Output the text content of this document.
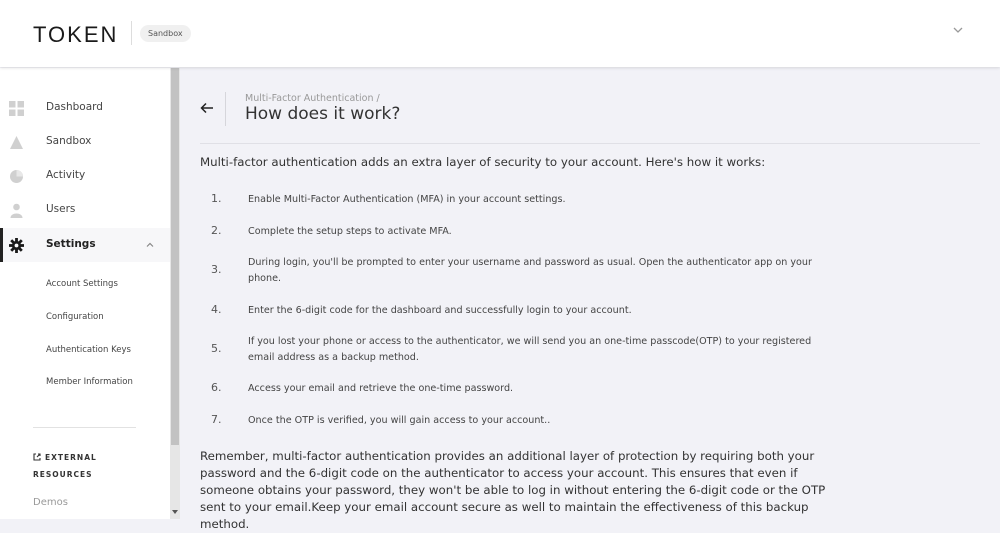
TOKEN	Sandbox
Dashboard
Sandbox
Activity
Users
Settings
Account Settings
Configuration
Authentication Keys
Member Information
EXTERNAL
RESOURCES
Demos
Multi-Factor Authentication /
How does it work?
Multi-factor authentication adds an extra layer of security to your account. Here's how it works:
1.	Enable Multi-Factor Authentication (MFA) in your account settings.
2.	Complete the setup steps to activate MFA.
3.
During login, you'll be prompted to enter your username and password as usual. Open the authenticator app on your phone.
4.	Enter the 6-digit code for the dashboard and successfully login to your account.
5.
If you lost your phone or access to the authenticator, we will send you an one-time passcode(OTP) to your registered email address as a backup method.
6.	Access your email and retrieve the one-time password.
7.	Once the OTP is verified, you will gain access to your account..
Remember, multi-factor authentication provides an additional layer of protection by requiring both your password and the 6-digit code on the authenticator to access your account. This ensures that even if someone obtains your password, they won't be able to log in without entering the 6-digit code or the OTP sent to your email.Keep your email account secure as well to maintain the effectiveness of this backup method.
